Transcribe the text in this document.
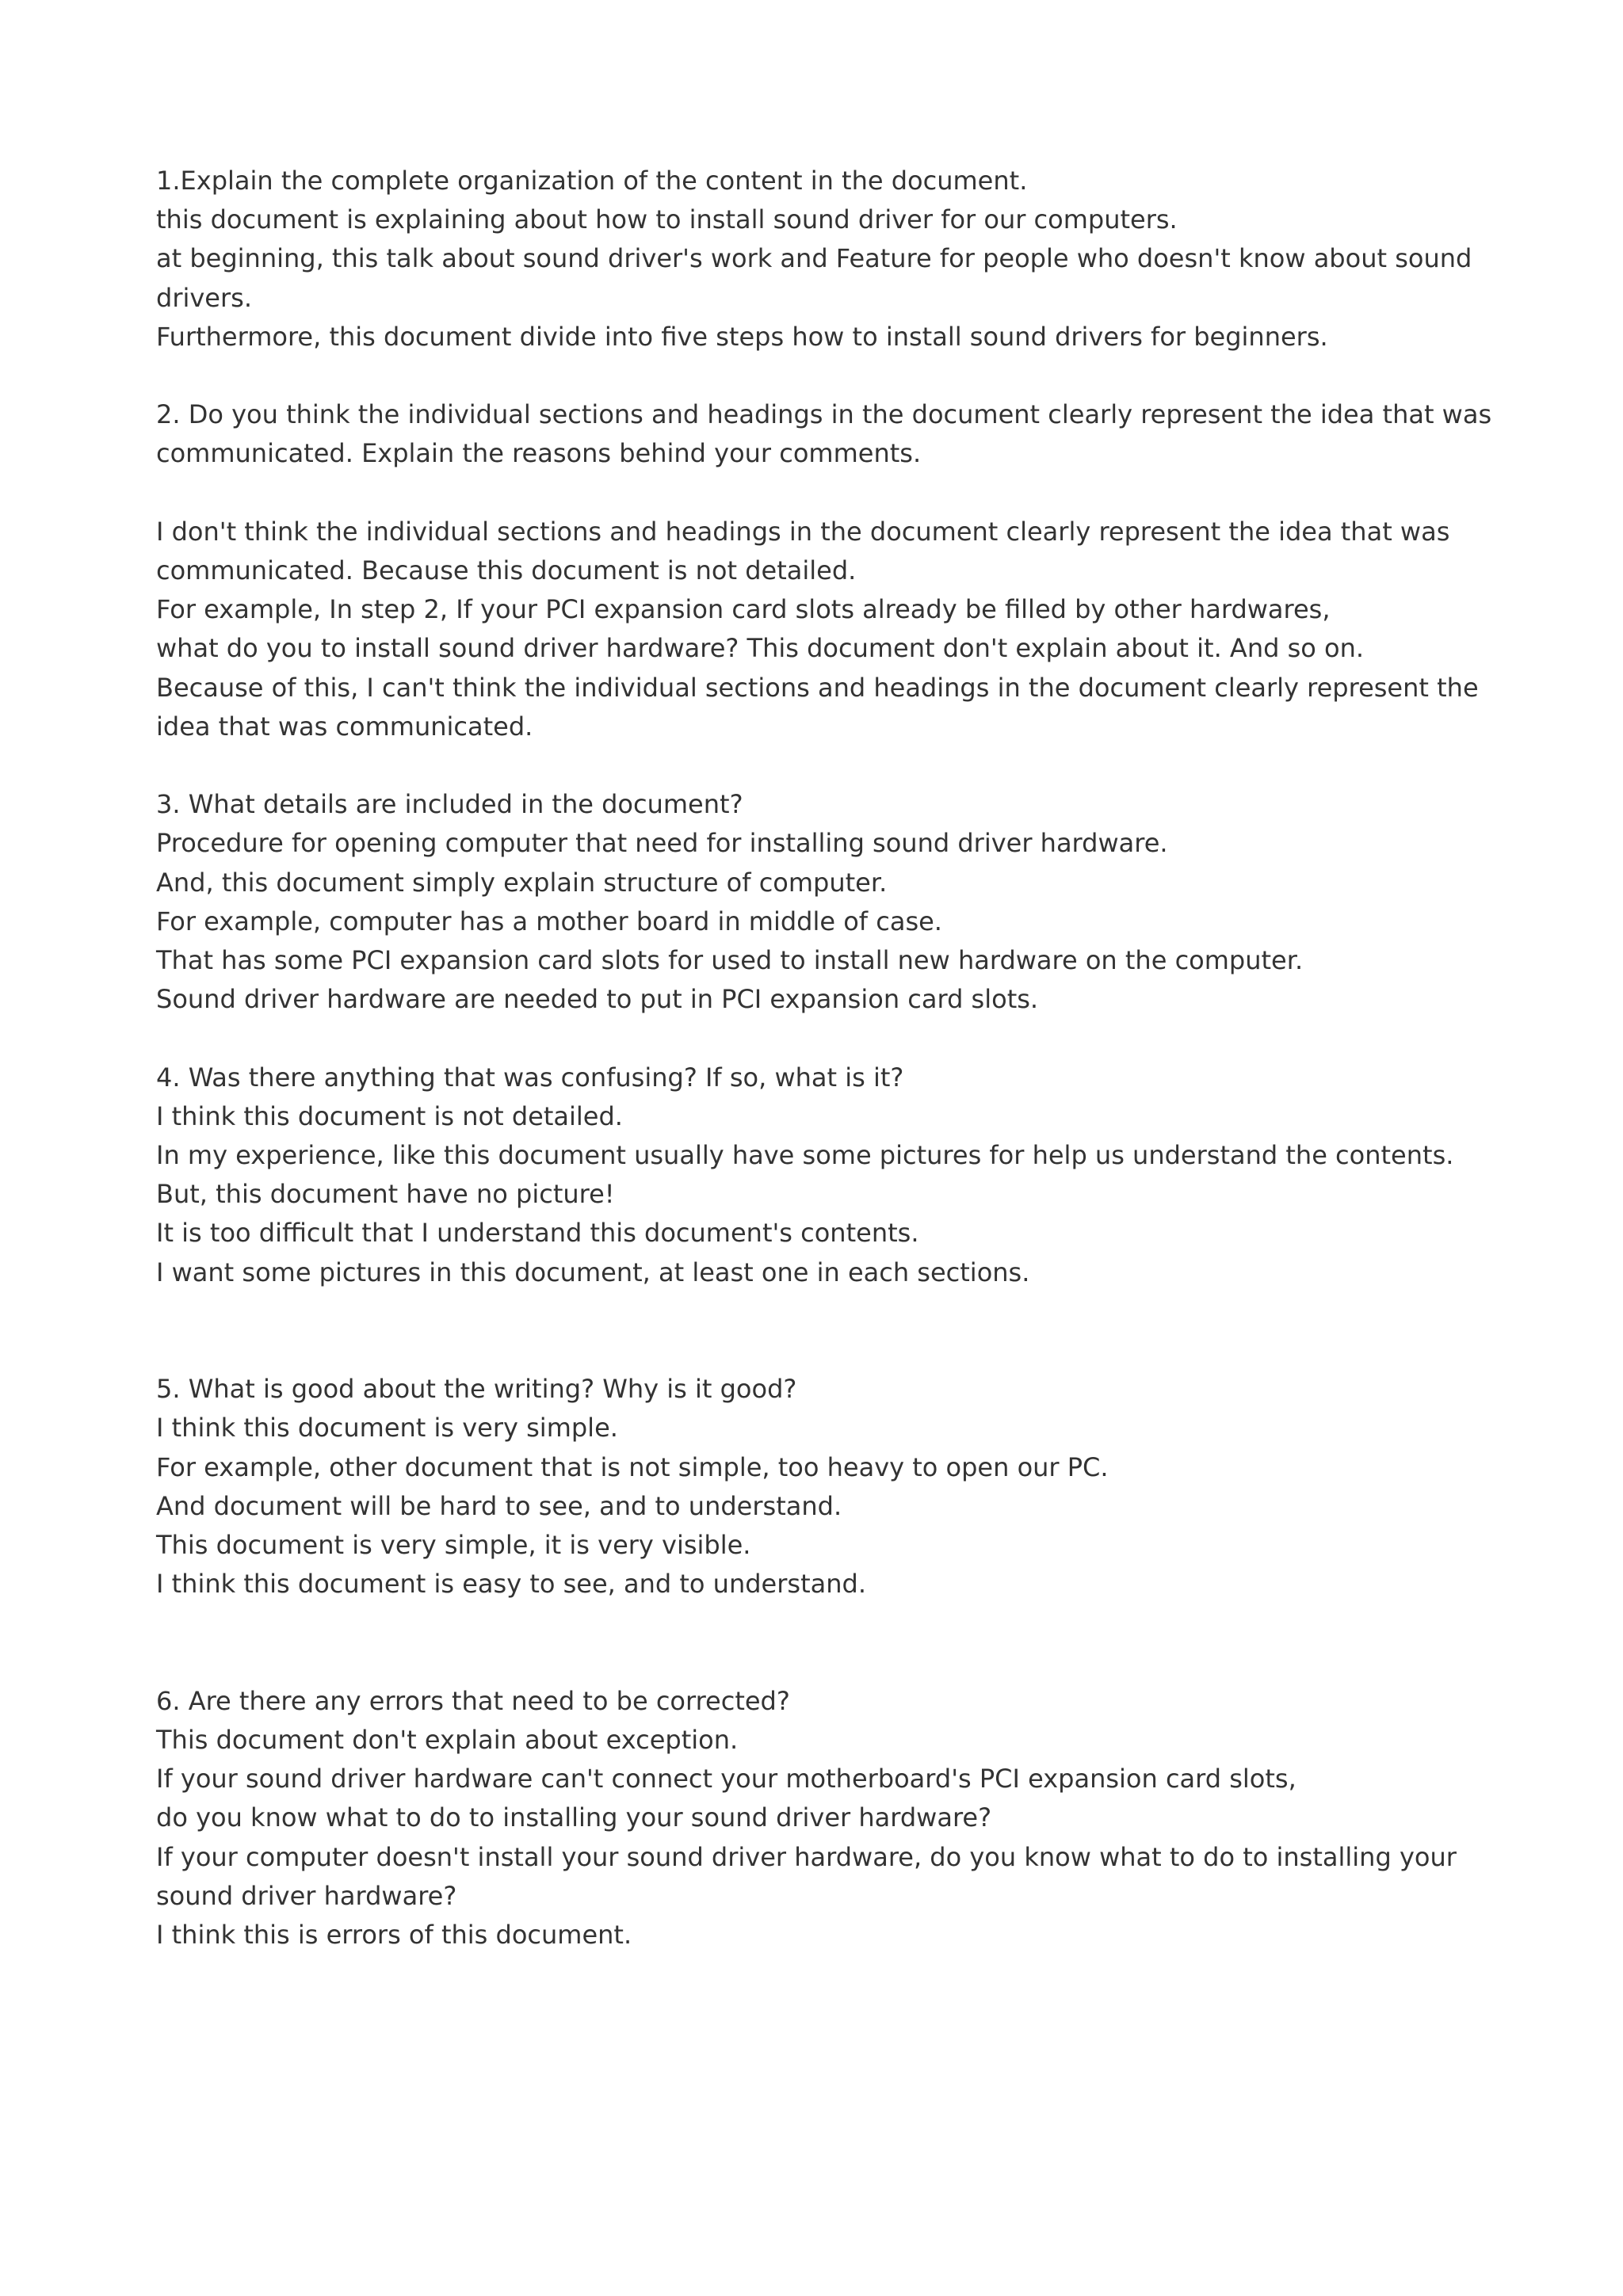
1.Explain the complete organization of the content in the document.
this document is explaining about how to install sound driver for our computers.
at beginning, this talk about sound driver's work and Feature for people who doesn't know about sound
drivers.
Furthermore, this document divide into five steps how to install sound drivers for beginners.
2. Do you think the individual sections and headings in the document clearly represent the idea that was
communicated. Explain the reasons behind your comments.
I don't think the individual sections and headings in the document clearly represent the idea that was
communicated. Because this document is not detailed.
For example, In step 2, If your PCI expansion card slots already be filled by other hardwares,
what do you to install sound driver hardware? This document don't explain about it. And so on.
Because of this, I can't think the individual sections and headings in the document clearly represent the
idea that was communicated.
3. What details are included in the document?
Procedure for opening computer that need for installing sound driver hardware.
And, this document simply explain structure of computer.
For example, computer has a mother board in middle of case.
That has some PCI expansion card slots for used to install new hardware on the computer.
Sound driver hardware are needed to put in PCI expansion card slots.
4. Was there anything that was confusing? If so, what is it?
I think this document is not detailed.
In my experience, like this document usually have some pictures for help us understand the contents.
But, this document have no picture!
It is too difficult that I understand this document's contents.
I want some pictures in this document, at least one in each sections.
5. What is good about the writing? Why is it good?
I think this document is very simple.
For example, other document that is not simple, too heavy to open our PC.
And document will be hard to see, and to understand.
This document is very simple, it is very visible.
I think this document is easy to see, and to understand.
6. Are there any errors that need to be corrected?
This document don't explain about exception.
If your sound driver hardware can't connect your motherboard's PCI expansion card slots,
do you know what to do to installing your sound driver hardware?
If your computer doesn't install your sound driver hardware, do you know what to do to installing your
sound driver hardware?
I think this is errors of this document.
